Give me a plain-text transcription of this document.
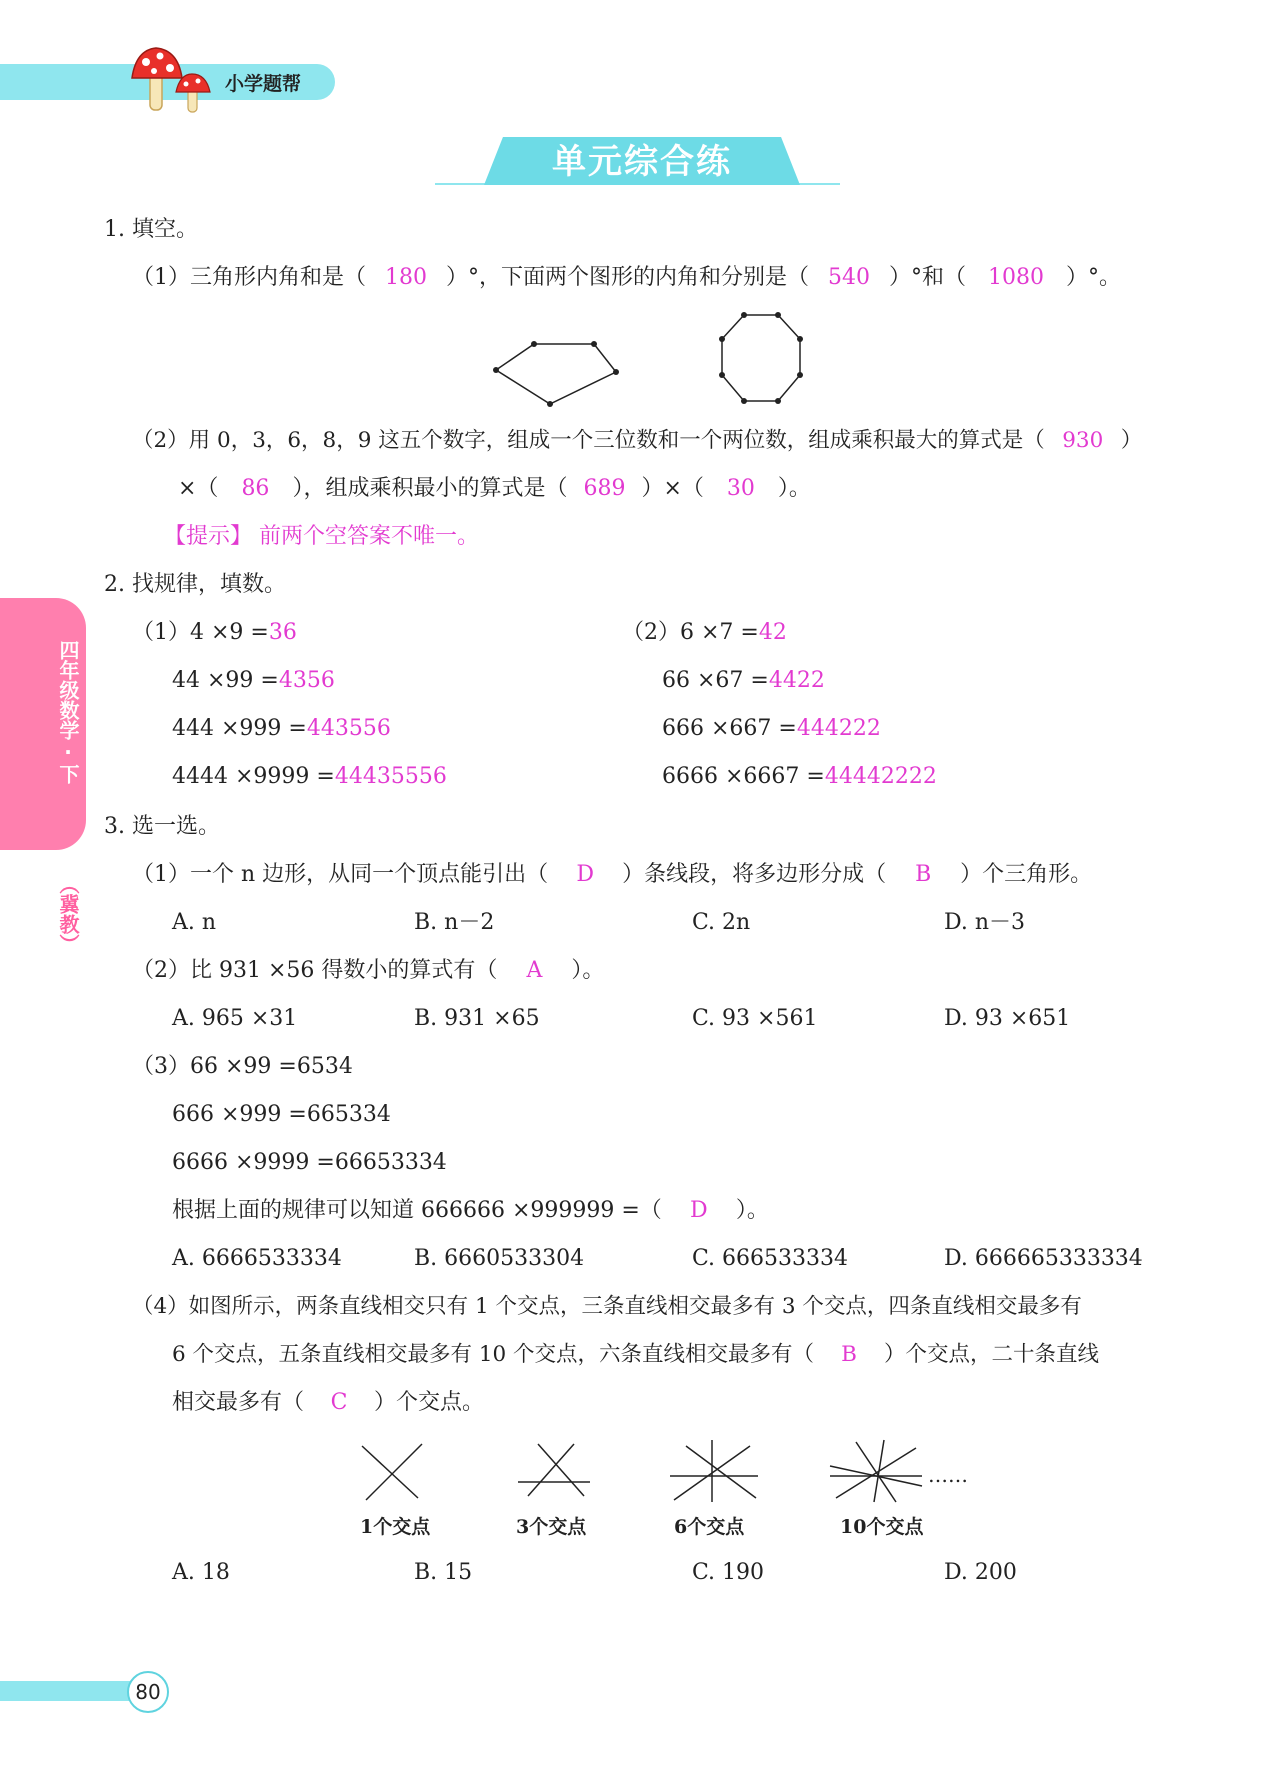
小学题帮
单元综合练
四年级数学·下
（冀教）
1. 填空。
（1）三角形内角和是（ 180 ）°，下面两个图形的内角和分别是（ 540 ）°和（ 1080 ）°。
（2）用 0，3，6，8，9 这五个数字，组成一个三位数和一个两位数，组成乘积最大的算式是（ 930 ）
×（ 86 ），组成乘积最小的算式是（ 689 ）×（ 30 ）。
【提示】 前两个空答案不唯一。
2. 找规律，填数。
（1）4 ×9 =36
44 ×99 =4356
444 ×999 =443556
4444 ×9999 =44435556
（2）6 ×7 =42
66 ×67 =4422
666 ×667 =444222
6666 ×6667 =44442222
3. 选一选。
（1）一个 n 边形，从同一个顶点能引出（ D ）条线段，将多边形分成（ B ）个三角形。
A. n	B. n－2	C. 2n	D. n－3
（2）比 931 ×56 得数小的算式有（ A ）。
A. 965 ×31	B. 931 ×65	C. 93 ×561	D. 93 ×651
（3）66 ×99 =6534
666 ×999 =665334
6666 ×9999 =66653334
根据上面的规律可以知道 666666 ×999999 =（ D ）。
A. 6666533334	B. 6660533304	C. 666533334	D. 666665333334
（4）如图所示，两条直线相交只有 1 个交点，三条直线相交最多有 3 个交点，四条直线相交最多有
6 个交点，五条直线相交最多有 10 个交点，六条直线相交最多有（ B ）个交点，二十条直线
相交最多有（ C ）个交点。
……
1个交点	3个交点	6个交点	10个交点
A. 18	B. 15	C. 190	D. 200
80
